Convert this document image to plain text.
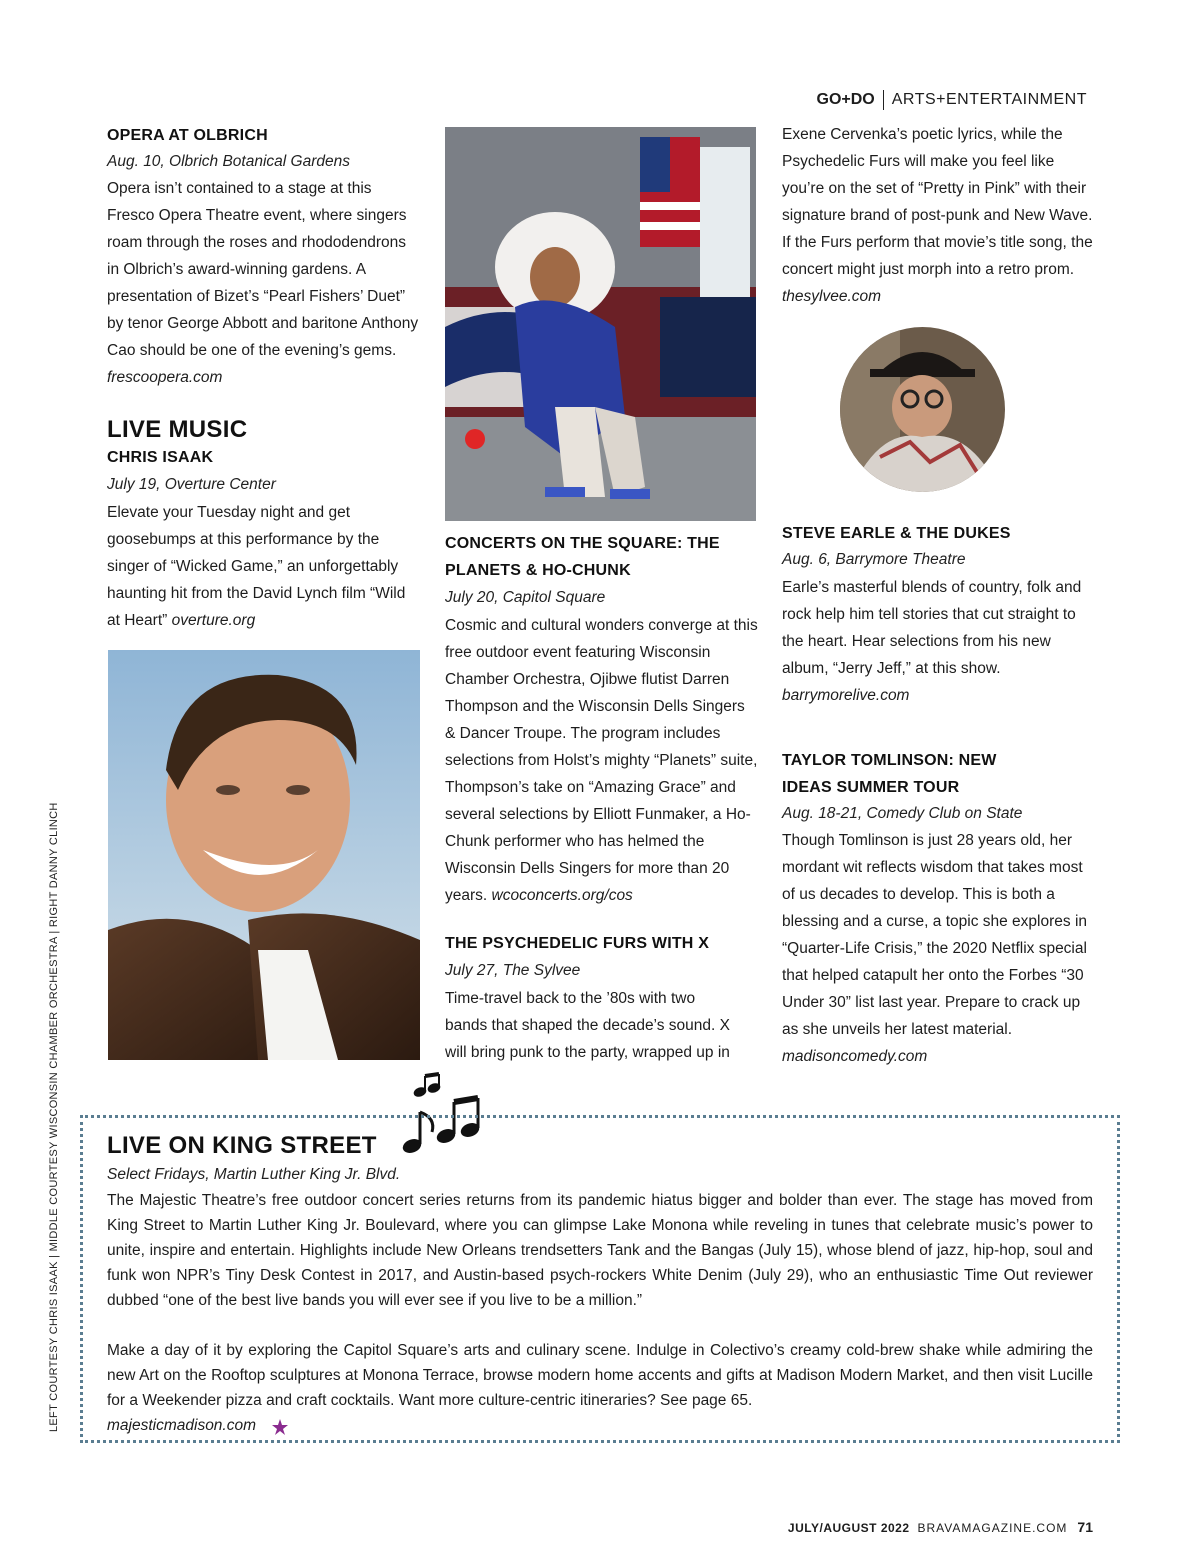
GO+DO ARTS+ENTERTAINMENT
OPERA AT OLBRICH
Aug. 10, Olbrich Botanical Gardens

Opera isn’t contained to a stage at this Fresco Opera Theatre event, where singers roam through the roses and rhododendrons in Olbrich’s award-winning gardens. A presentation of Bizet’s “Pearl Fishers’ Duet” by tenor George Abbott and baritone Anthony Cao should be one of the evening’s gems. frescoopera.com

LIVE MUSIC
CHRIS ISAAK
July 19, Overture Center

Elevate your Tuesday night and get goosebumps at this performance by the singer of “Wicked Game,” an unforgettably haunting hit from the David Lynch film “Wild at Heart” overture.org

CONCERTS ON THE SQUARE: THE PLANETS & HO-CHUNK
July 20, Capitol Square

Cosmic and cultural wonders converge at this free outdoor event featuring Wisconsin Chamber Orchestra, Ojibwe flutist Darren Thompson and the Wisconsin Dells Singers & Dancer Troupe. The program includes selections from Holst’s mighty “Planets” suite, Thompson’s take on “Amazing Grace” and several selections by Elliott Funmaker, a Ho-Chunk performer who has helmed the Wisconsin Dells Singers for more than 20 years. wcoconcerts.org/cos

THE PSYCHEDELIC FURS WITH X
July 27, The Sylvee

Time-travel back to the ’80s with two bands that shaped the decade’s sound. X will bring punk to the party, wrapped up in

Exene Cervenka’s poetic lyrics, while the Psychedelic Furs will make you feel like you’re on the set of “Pretty in Pink” with their signature brand of post-punk and New Wave. If the Furs perform that movie’s title song, the concert might just morph into a retro prom. thesylvee.com

STEVE EARLE & THE DUKES
Aug. 6, Barrymore Theatre

Earle’s masterful blends of country, folk and rock help him tell stories that cut straight to the heart. Hear selections from his new album, “Jerry Jeff,” at this show.
barrymorelive.com

TAYLOR TOMLINSON: NEW IDEAS SUMMER TOUR
Aug. 18-21, Comedy Club on State

Though Tomlinson is just 28 years old, her mordant wit reflects wisdom that takes most of us decades to develop. This is both a blessing and a curse, a topic she explores in “Quarter-Life Crisis,” the 2020 Netflix special that helped catapult her onto the Forbes “30 Under 30” list last year. Prepare to crack up as she unveils her latest material. madisoncomedy.com

LIVE ON KING STREET
Select Fridays, Martin Luther King Jr. Blvd.

The Majestic Theatre’s free outdoor concert series returns from its pandemic hiatus bigger and bolder than ever. The stage has moved from King Street to Martin Luther King Jr. Boulevard, where you can glimpse Lake Monona while reveling in tunes that celebrate music’s power to unite, inspire and entertain. Highlights include New Orleans trendsetters Tank and the Bangas (July 15), whose blend of jazz, hip-hop, soul and funk won NPR’s Tiny Desk Contest in 2017, and Austin-based psych-rockers White Denim (July 29), who an enthusiastic Time Out reviewer dubbed “one of the best live bands you will ever see if you live to be a million.”

Make a day of it by exploring the Capitol Square’s arts and culinary scene. Indulge in Colectivo’s creamy cold-brew shake while admiring the new Art on the Rooftop sculptures at Monona Terrace, browse modern home accents and gifts at Madison Modern Market, and then visit Lucille for a Weekender pizza and craft cocktails. Want more culture-centric itineraries? See page 65.
majesticmadison.com

LEFT COURTESY CHRIS ISAAK | MIDDLE COURTESY WISCONSIN CHAMBER ORCHESTRA | RIGHT DANNY CLINCH
JULY/AUGUST 2022 BRAVAMAGAZINE.COM 71
